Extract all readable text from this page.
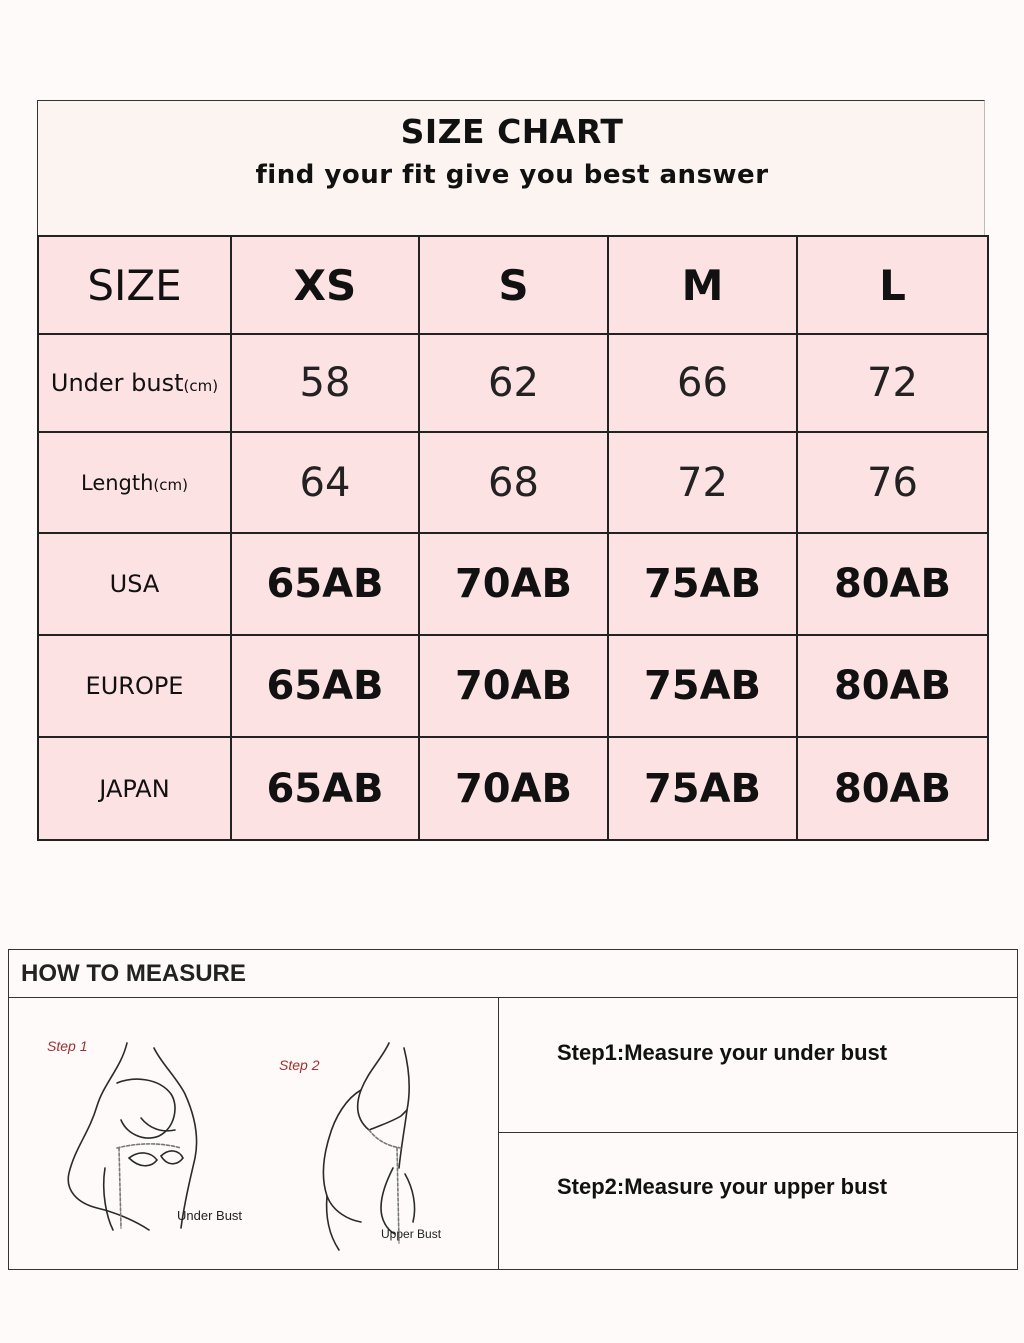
SIZE CHART
find your fit give you best answer
SIZE	XS	S	M	L
Under bust(cm)	58	62	66	72
Length(cm)	64	68	72	76
USA	65AB	70AB	75AB	80AB
EUROPE	65AB	70AB	75AB	80AB
JAPAN	65AB	70AB	75AB	80AB
HOW TO MEASURE
Step 1
Under Bust
Step 2
Upper Bust
Step1:Measure your under bust
Step2:Measure your upper bust
